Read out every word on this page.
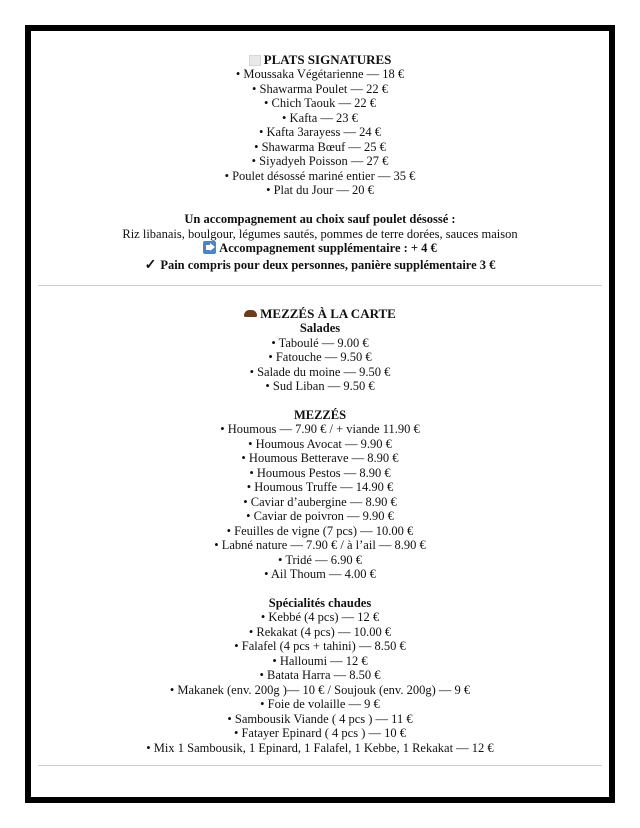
PLATS SIGNATURES
• Moussaka Végétarienne — 18 €
• Shawarma Poulet — 22 €
• Chich Taouk — 22 €
• Kafta — 23 €
• Kafta 3arayess — 24 €
• Shawarma Bœuf — 25 €
• Siyadyeh Poisson — 27 €
• Poulet désossé mariné entier — 35 €
• Plat du Jour — 20 €
Un accompagnement au choix sauf poulet désossé :
Riz libanais, boulgour, légumes sautés, pommes de terre dorées, sauces maison
Accompagnement supplémentaire : + 4 €
✓ Pain compris pour deux personnes, panière supplémentaire 3 €
MEZZÉS À LA CARTE
Salades
• Taboulé — 9.00 €
• Fatouche — 9.50 €
• Salade du moine — 9.50 €
• Sud Liban — 9.50 €
MEZZÉS
• Houmous — 7.90 € / + viande 11.90 €
• Houmous Avocat — 9.90 €
• Houmous Betterave — 8.90 €
• Houmous Pestos — 8.90 €
• Houmous Truffe — 14.90 €
• Caviar d’aubergine — 8.90 €
• Caviar de poivron — 9.90 €
• Feuilles de vigne (7 pcs) — 10.00 €
• Labné nature — 7.90 € / à l’ail — 8.90 €
• Tridé — 6.90 €
• Ail Thoum — 4.00 €
Spécialités chaudes
• Kebbé (4 pcs) — 12 €
• Rekakat (4 pcs) — 10.00 €
• Falafel (4 pcs + tahini) — 8.50 €
• Halloumi — 12 €
• Batata Harra — 8.50 €
• Makanek (env. 200g )— 10 € / Soujouk (env. 200g) — 9 €
• Foie de volaille — 9 €
• Sambousik Viande ( 4 pcs ) — 11 €
• Fatayer Epinard ( 4 pcs ) — 10 €
• Mix 1 Sambousik, 1 Epinard, 1 Falafel, 1 Kebbe, 1 Rekakat — 12 €
